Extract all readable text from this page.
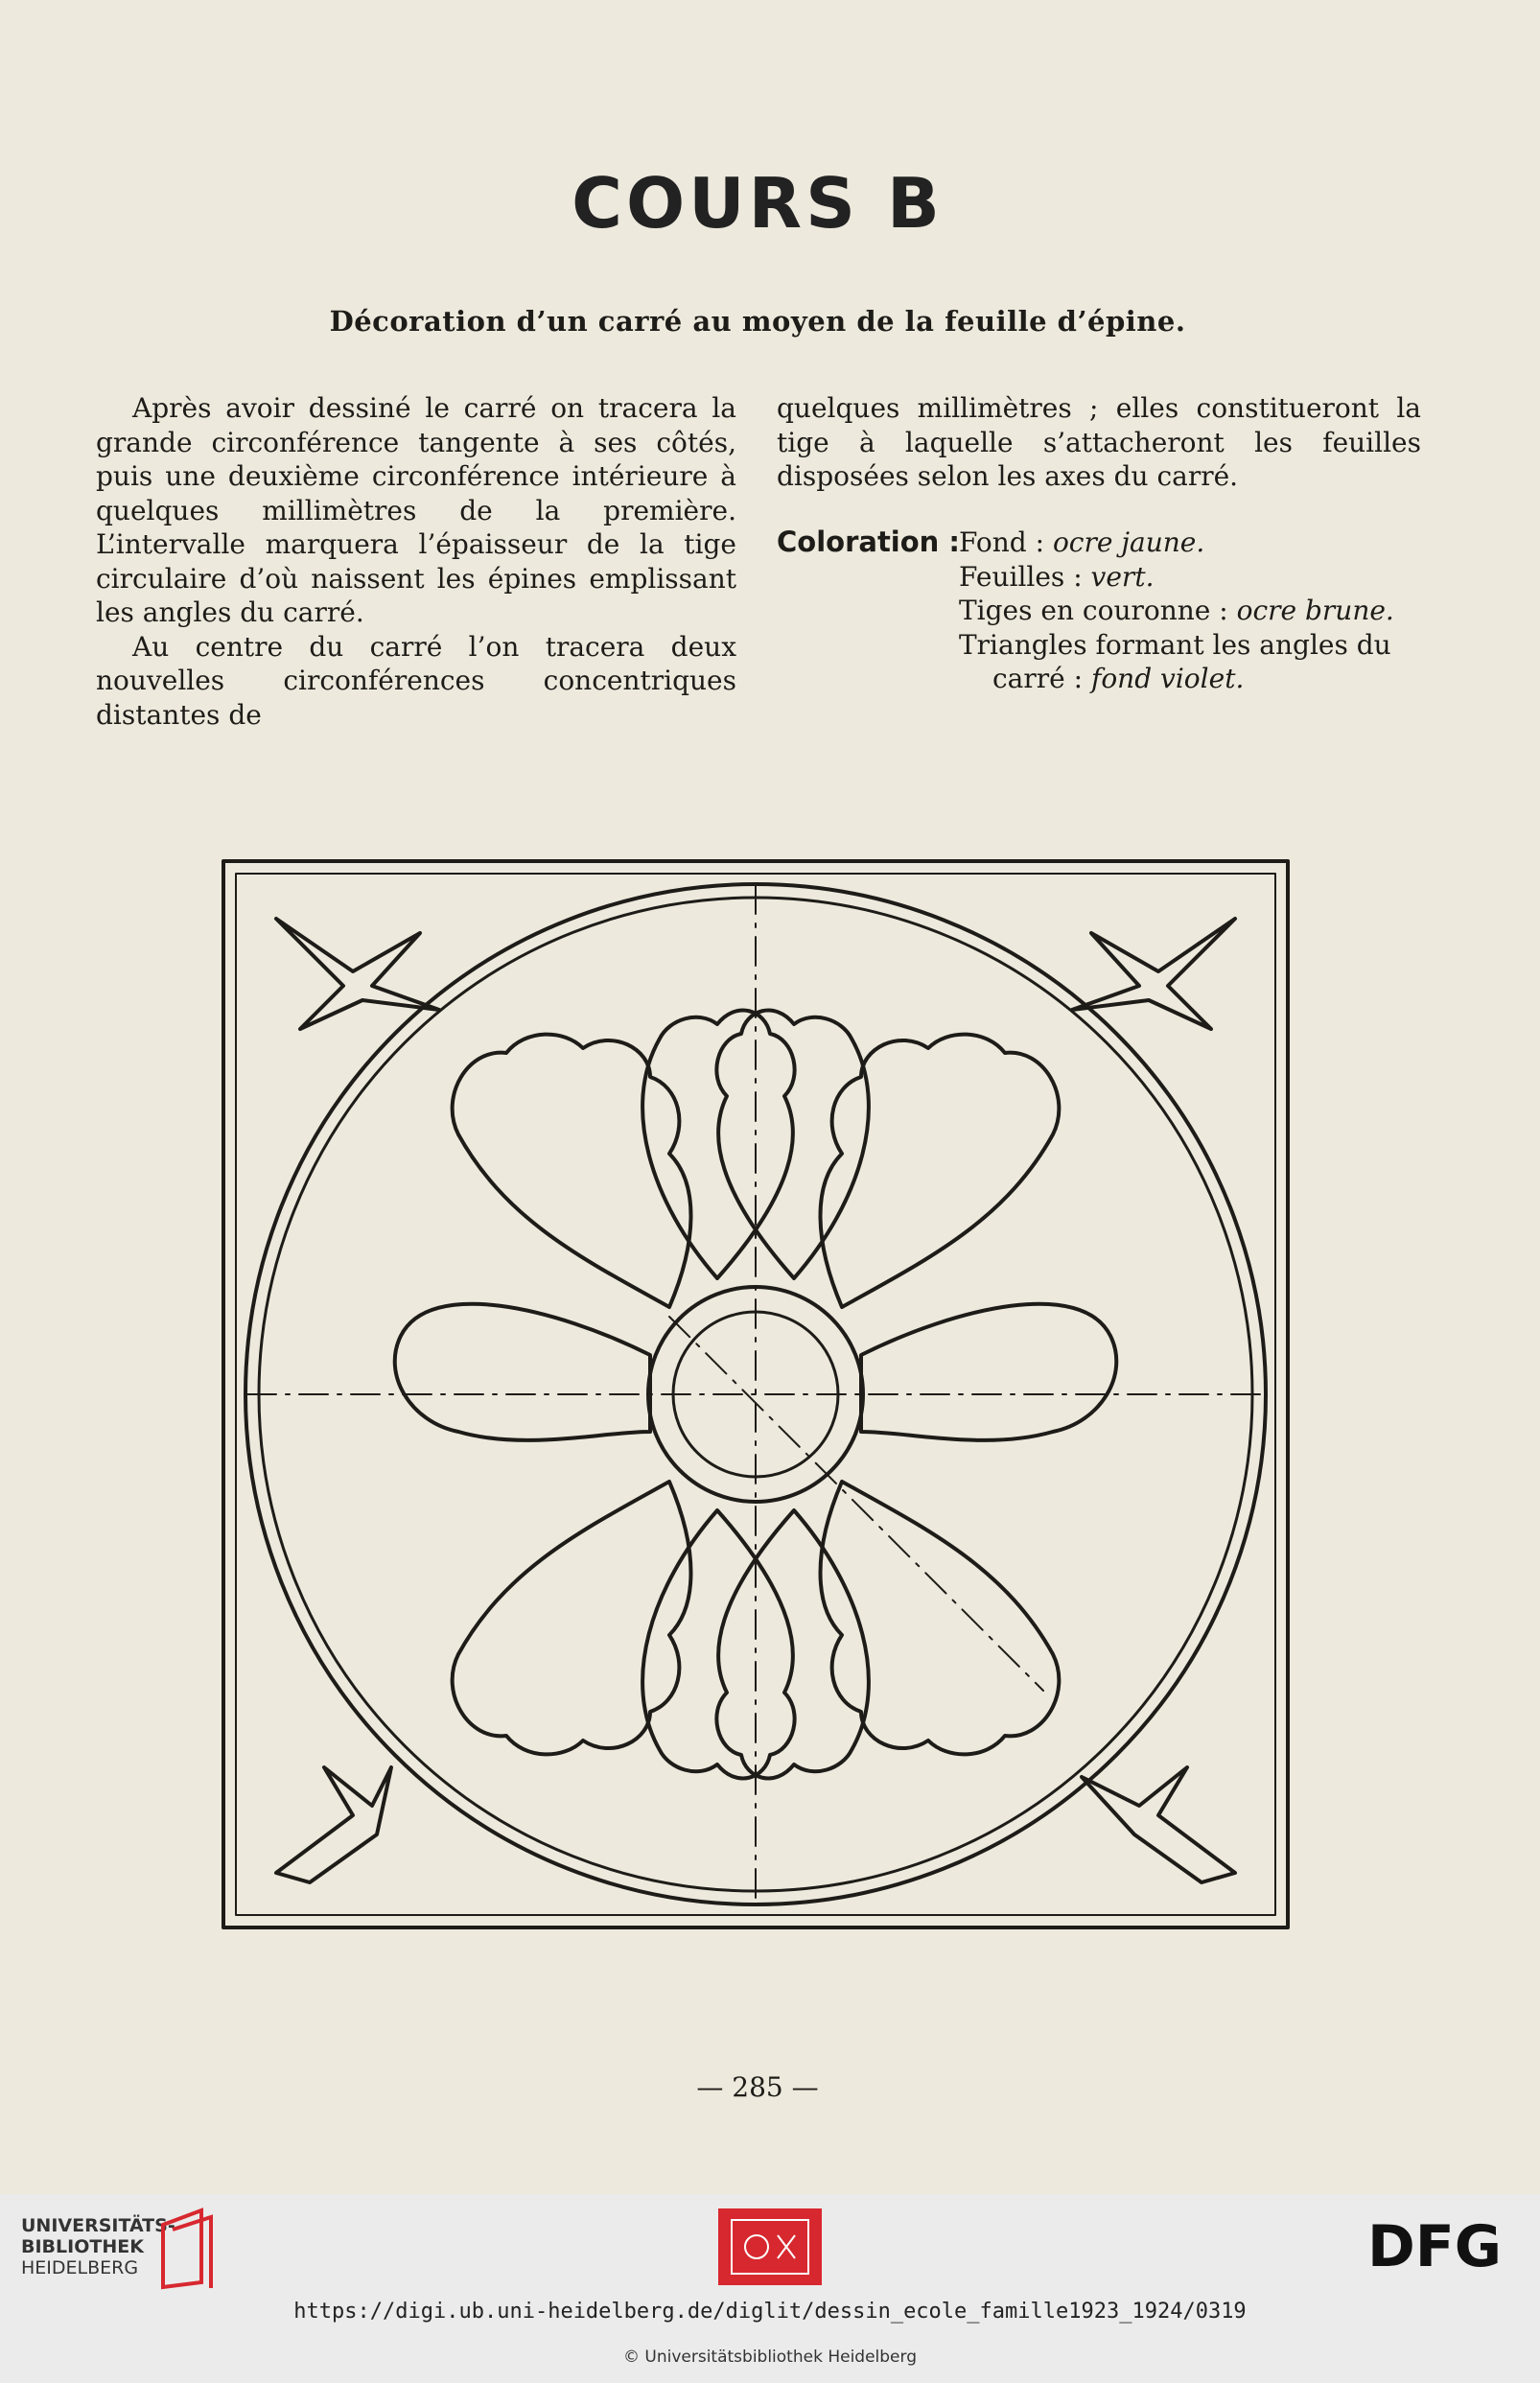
COURS B
Décoration d’un carré au moyen de la feuille d’épine.

Après avoir dessiné le carré on tracera la grande circonférence tangente à ses côtés, puis une deuxième circonférence intérieure à quelques millimètres de la première. L’intervalle marquera l’épaisseur de la tige circulaire d’où naissent les épines emplissant les angles du carré.

Au centre du carré l’on tracera deux nouvelles circonférences concentriques distantes de

quelques millimètres ; elles constitueront la tige à laquelle s’attacheront les feuilles disposées selon les axes du carré.

Coloration :
Fond : ocre jaune.
Feuilles : vert.
Tiges en couronne : ocre brune.
Triangles formant les angles du
carré : fond violet.
— 285 —
UNIVERSITÄTS-
BIBLIOTHEK
HEIDELBERG	DFG
https://digi.ub.uni-heidelberg.de/diglit/dessin_ecole_famille1923_1924/0319
© Universitätsbibliothek Heidelberg
